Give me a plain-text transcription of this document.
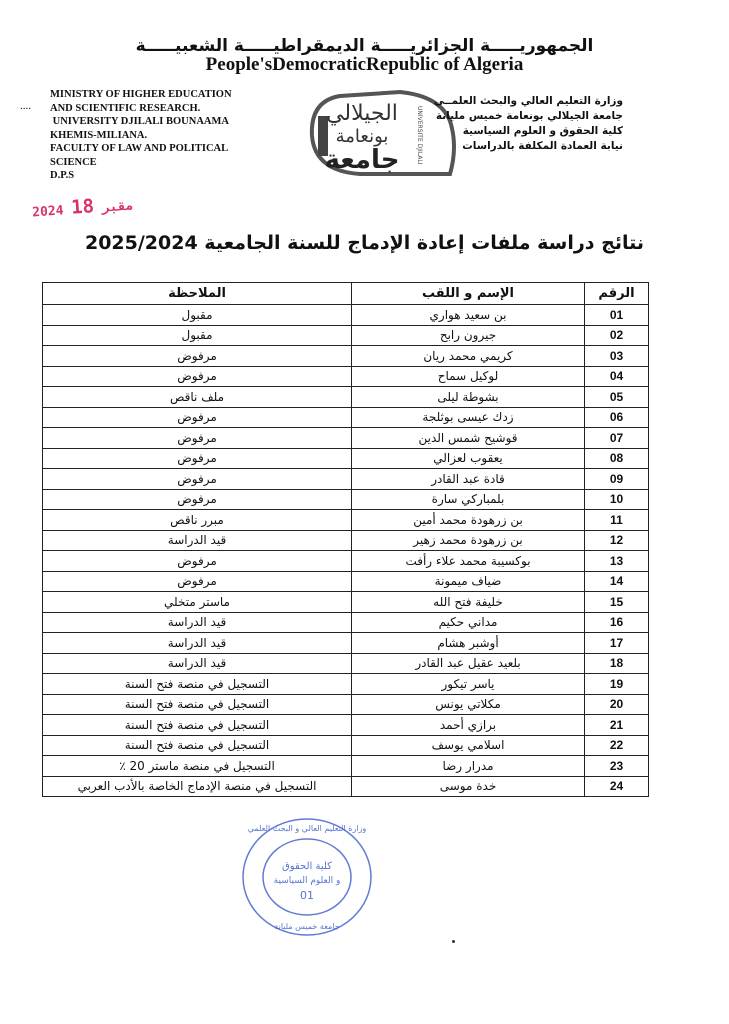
الجمهوريـــــة الجزائريـــــة الديمقراطيـــــة الشعبيـــــة
People'sDemocraticRepublic of Algeria
....
MINISTRY OF HIGHER EDUCATION
AND SCIENTIFIC RESEARCH.
UNIVERSITY DJILALI BOUNAAMA
KHEMIS-MILIANA.
FACULTY OF LAW AND POLITICAL
SCIENCE
D.P.S
الجيلالي
بونعامة
جامعة	UNIVERSITE DJILALI
وزارة التعليم العالي والبحث العلمــي
جامعة الجيلالي بونعامة خميس مليانة
كلية الحقوق و العلوم السياسية
نيابة العمادة المكلفة بالدراسات
2024	مقبر 18
نتائج دراسة ملفات إعادة الإدماج للسنة الجامعية 2025/2024
الرقم	الإسم و اللقب	الملاحظة
01	بن سعيد هواري	مقبول
02	جيرون رابح	مقبول
03	كريمي محمد ريان	مرفوض
04	لوكيل سماح	مرفوض
05	بشوطة ليلى	ملف ناقص
06	زدك عيسى بوثلجة	مرفوض
07	قوشيح شمس الدين	مرفوض
08	يعقوب لعزالي	مرفوض
09	قادة عبد القادر	مرفوض
10	بلمباركي سارة	مرفوض
11	بن زرهودة محمد أمين	مبرر ناقص
12	بن زرهودة محمد زهير	قيد الدراسة
13	بوكسيبة محمد علاء رأفت	مرفوض
14	ضياف ميمونة	مرفوض
15	خليفة فتح الله	ماستر متخلي
16	مداني حكيم	قيد الدراسة
17	أوشبر هشام	قيد الدراسة
18	بلعيد عقيل عبد القادر	قيد الدراسة
19	ياسر تيكور	التسجيل في منصة فتح السنة
20	مكلاتي يونس	التسجيل في منصة فتح السنة
21	برازي أحمد	التسجيل في منصة فتح السنة
22	اسلامي يوسف	التسجيل في منصة فتح السنة
23	مدرار رضا	التسجيل في منصة ماستر 20 ٪
24	خدة موسى	التسجيل في منصة الإدماج الخاصة بالأدب العربي
كلية الحقوق
و العلوم السياسية
01
وزارة التعليم العالي و البحث العلمي
جامعة خميس مليانة
